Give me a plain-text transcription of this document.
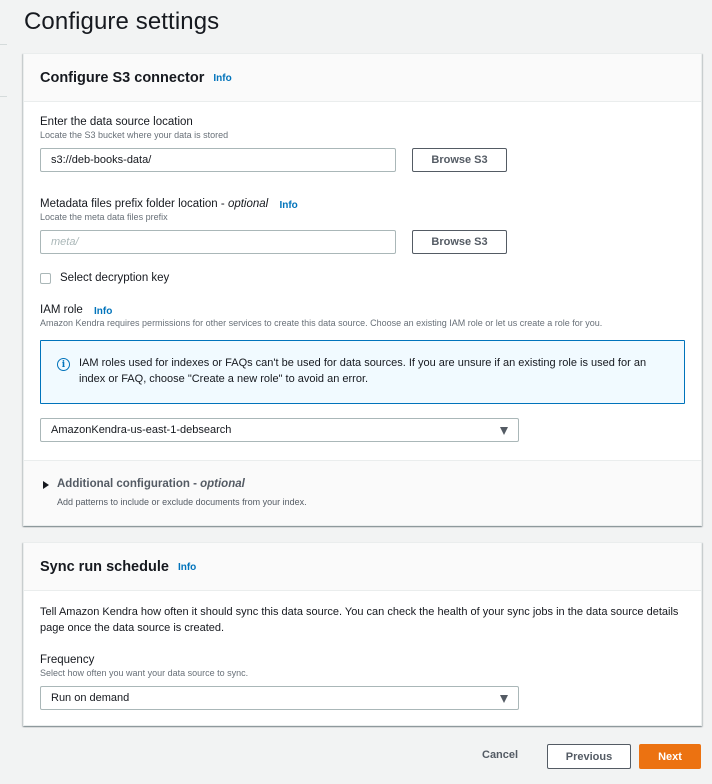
Configure settings
Configure S3 connector Info
Enter the data source location
Locate the S3 bucket where your data is stored
s3://deb-books-data/	Browse S3
Metadata files prefix folder location - optional Info
Locate the meta data files prefix
meta/	Browse S3
Select decryption key
IAM role Info
Amazon Kendra requires permissions for other services to create this data source. Choose an existing IAM role or let us create a role for you.
i	IAM roles used for indexes or FAQs can't be used for data sources. If you are unsure if an existing role is used for an index or FAQ, choose "Create a new role" to avoid an error.
AmazonKendra-us-east-1-debsearch
Additional configuration - optional
Add patterns to include or exclude documents from your index.
Sync run schedule Info
Tell Amazon Kendra how often it should sync this data source. You can check the health of your sync jobs in the data source details page once the data source is created.
Frequency
Select how often you want your data source to sync.
Run on demand
Cancel	Previous	Next
